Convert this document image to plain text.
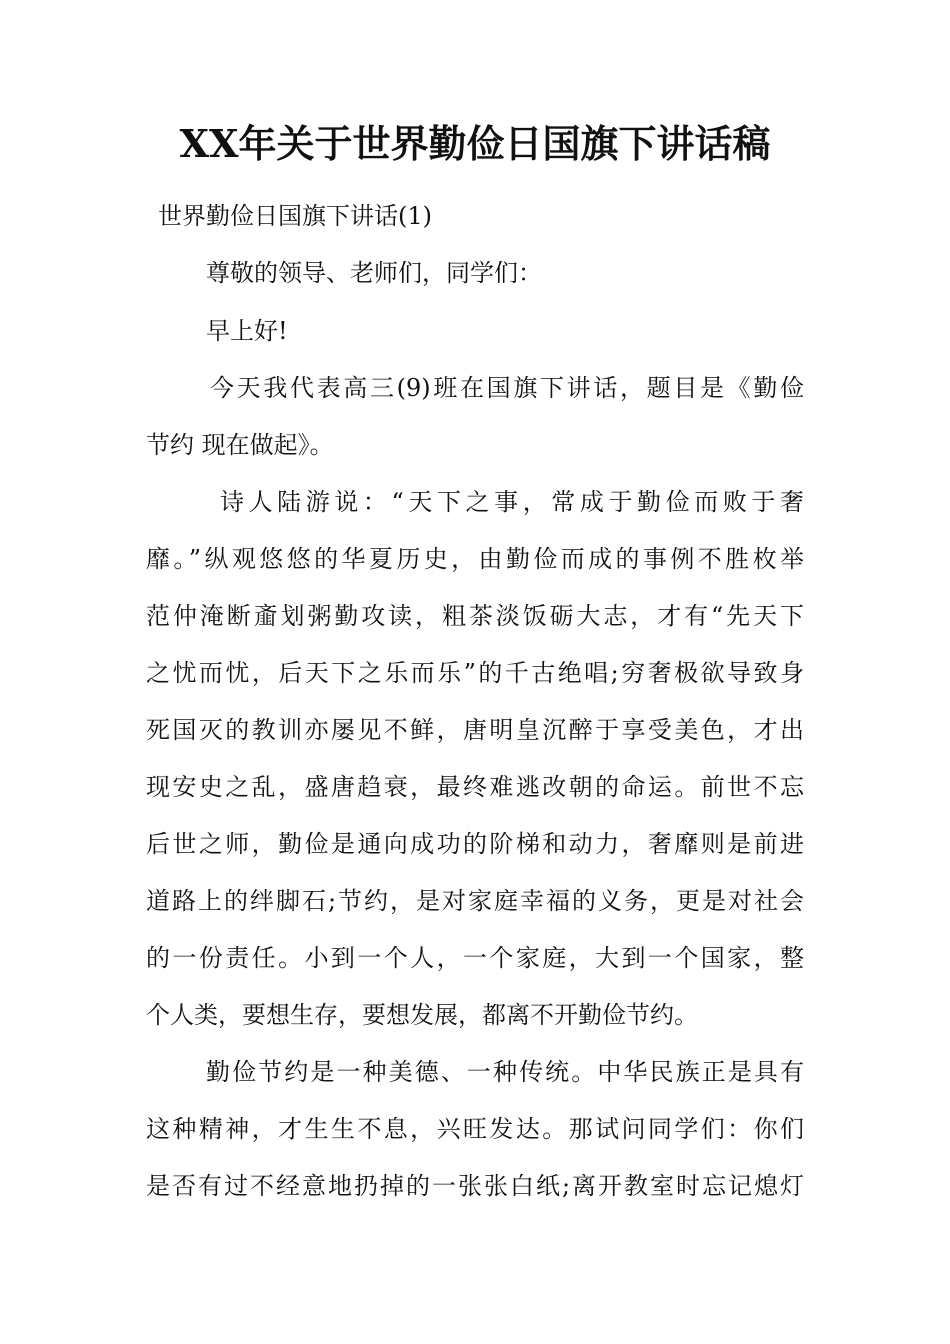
XX年关于世界勤俭日国旗下讲话稿

世界勤俭日国旗下讲话(1)

尊敬的领导、老师们，同学们：

早上好!

今天我代表高三(9)班在国旗下讲话，题目是《勤俭

节约 现在做起》。

诗人陆游说：“天下之事，常成于勤俭而败于奢

靡。”纵观悠悠的华夏历史，由勤俭而成的事例不胜枚举

范仲淹断齑划粥勤攻读，粗茶淡饭砺大志，才有“先天下

之忧而忧，后天下之乐而乐”的千古绝唱;穷奢极欲导致身

死国灭的教训亦屡见不鲜，唐明皇沉醉于享受美色，才出

现安史之乱，盛唐趋衰，最终难逃改朝的命运。前世不忘

后世之师，勤俭是通向成功的阶梯和动力，奢靡则是前进

道路上的绊脚石;节约，是对家庭幸福的义务，更是对社会

的一份责任。小到一个人，一个家庭，大到一个国家，整

个人类，要想生存，要想发展，都离不开勤俭节约。

勤俭节约是一种美德、一种传统。中华民族正是具有

这种精神，才生生不息，兴旺发达。那试问同学们：你们

是否有过不经意地扔掉的一张张白纸;离开教室时忘记熄灯
